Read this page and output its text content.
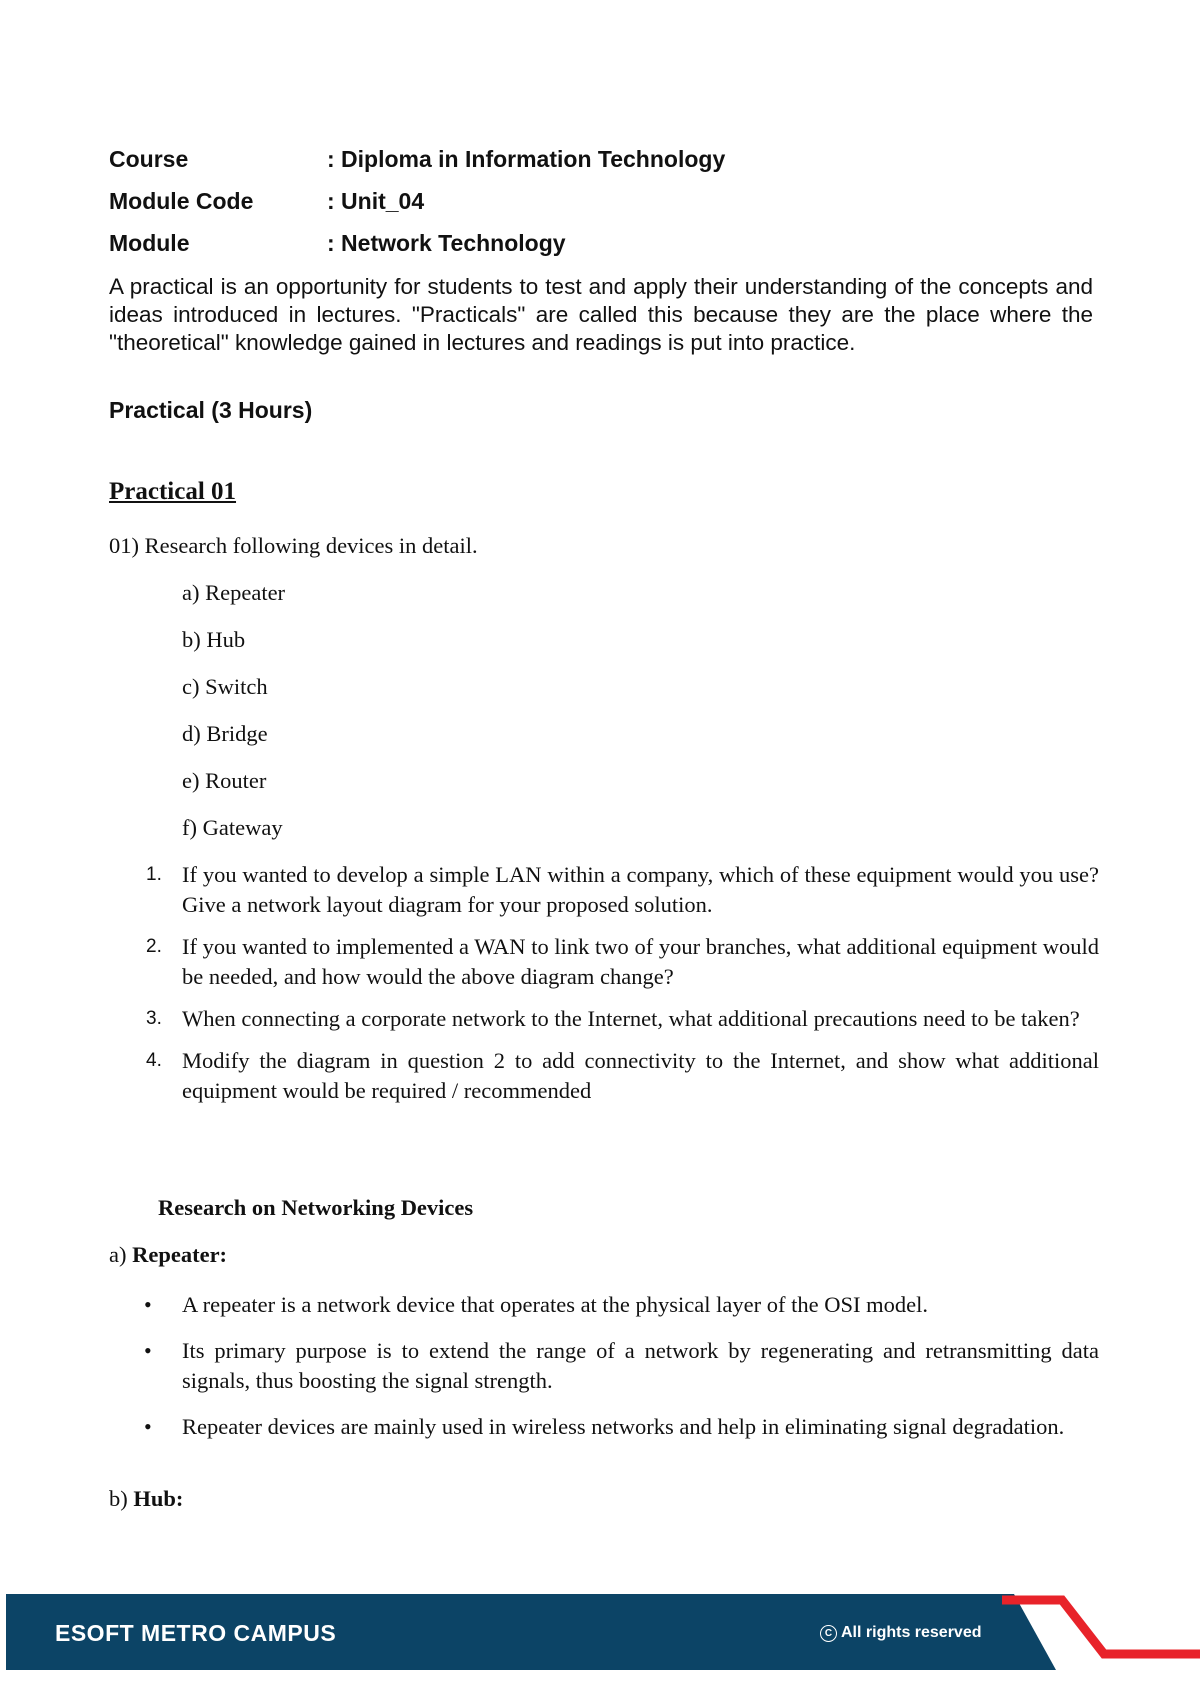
Course	: Diploma in Information Technology
Module Code	: Unit_04
Module	: Network Technology

A practical is an opportunity for students to test and apply their understanding of the concepts and ideas introduced in lectures. "Practicals" are called this because they are the place where the "theoretical" knowledge gained in lectures and readings is put into practice.

Practical (3 Hours)

Practical 01

01) Research following devices in detail.

a) Repeater
b) Hub
c) Switch
d) Bridge
e) Router
f) Gateway
1. If you wanted to develop a simple LAN within a company, which of these equipment would you use? Give a network layout diagram for your proposed solution.
2. If you wanted to implemented a WAN to link two of your branches, what additional equipment would be needed, and how would the above diagram change?
3. When connecting a corporate network to the Internet, what additional precautions need to be taken?
4. Modify the diagram in question 2 to add connectivity to the Internet, and show what additional equipment would be required / recommended

Research on Networking Devices

a) Repeater:

• A repeater is a network device that operates at the physical layer of the OSI model.
• Its primary purpose is to extend the range of a network by regenerating and retransmitting data signals, thus boosting the signal strength.
• Repeater devices are mainly used in wireless networks and help in eliminating signal degradation.

b) Hub:

ESOFT METRO CAMPUS	C All rights reserved
